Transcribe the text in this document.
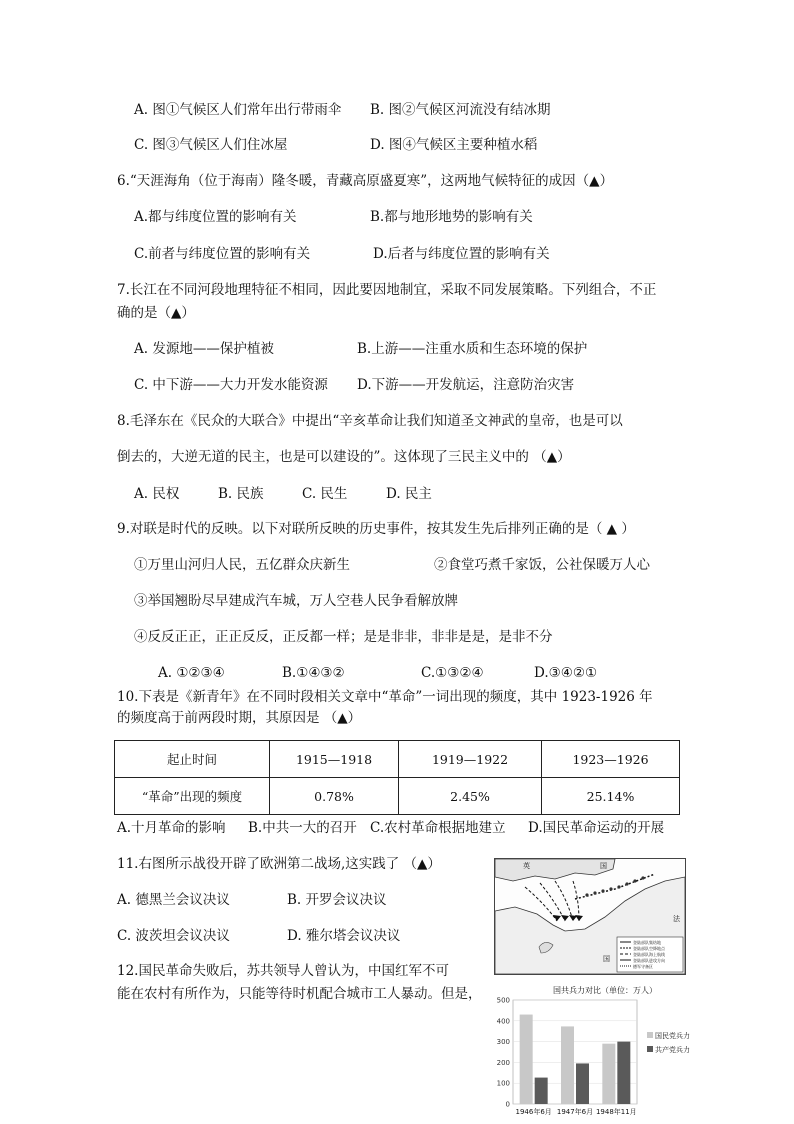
A. 图①气候区人们常年出行带雨伞 B. 图②气候区河流没有结冰期
C. 图③气候区人们住冰屋	D. 图④气候区主要种植水稻
6.“天涯海角（位于海南）隆冬暖，青藏高原盛夏寒”，这两地气候特征的成因（▲）
A.都与纬度位置的影响有关	B.都与地形地势的影响有关
C.前者与纬度位置的影响有关	D.后者与纬度位置的影响有关
7.长江在不同河段地理特征不相同，因此要因地制宜，采取不同发展策略。下列组合，不正
确的是（▲）
A. 发源地——保护植被	B.上游——注重水质和生态环境的保护
C. 中下游——大力开发水能资源 D.下游——开发航运，注意防治灾害
8.毛泽东在《民众的大联合》中提出“辛亥革命让我们知道圣文神武的皇帝，也是可以
倒去的，大逆无道的民主，也是可以建设的”。这体现了三民主义中的 （▲）
A. 民权	B. 民族	C. 民生	D. 民主
9.对联是时代的反映。以下对联所反映的历史事件，按其发生先后排列正确的是（ ▲ ）
①万里山河归人民，五亿群众庆新生	②食堂巧煮千家饭，公社保暖万人心
③举国翘盼尽早建成汽车城，万人空巷人民争看解放牌
④反反正正，正正反反，正反都一样；是是非非，非非是是，是非不分
A. ①②③④	B.①④③②	C.①③②④	D.③④②①
10.下表是《新青年》在不同时段相关文章中“革命”一词出现的频度，其中 1923-1926 年
的频度高于前两段时期，其原因是 （▲）
起止时间	1915—1918	1919—1922	1923—1926
“革命”出现的频度	0.78%	2.45%	25.14%
A.十月革命的影响 B.中共一大的召开 C.农村革命根据地建立 D.国民革命运动的开展
11.右图所示战役开辟了欧洲第二战场,这实践了 （▲）
A. 德黑兰会议决议	B. 开罗会议决议
C. 波茨坦会议决议	D. 雅尔塔会议决议
英	国
法
国
登陆部队集结地
登陆部队空降地点
登陆部队海上航线
登陆部队进攻方向
德军守备区
12.国民革命失败后，苏共领导人曾认为，中国红军不可
能在农村有所作为，只能等待时机配合城市工人暴动。但是，	国共兵力对比（单位：万人）
500
400
300
200
100
0
1946年6月 1947年6月 1948年11月
国民党兵力
共产党兵力
